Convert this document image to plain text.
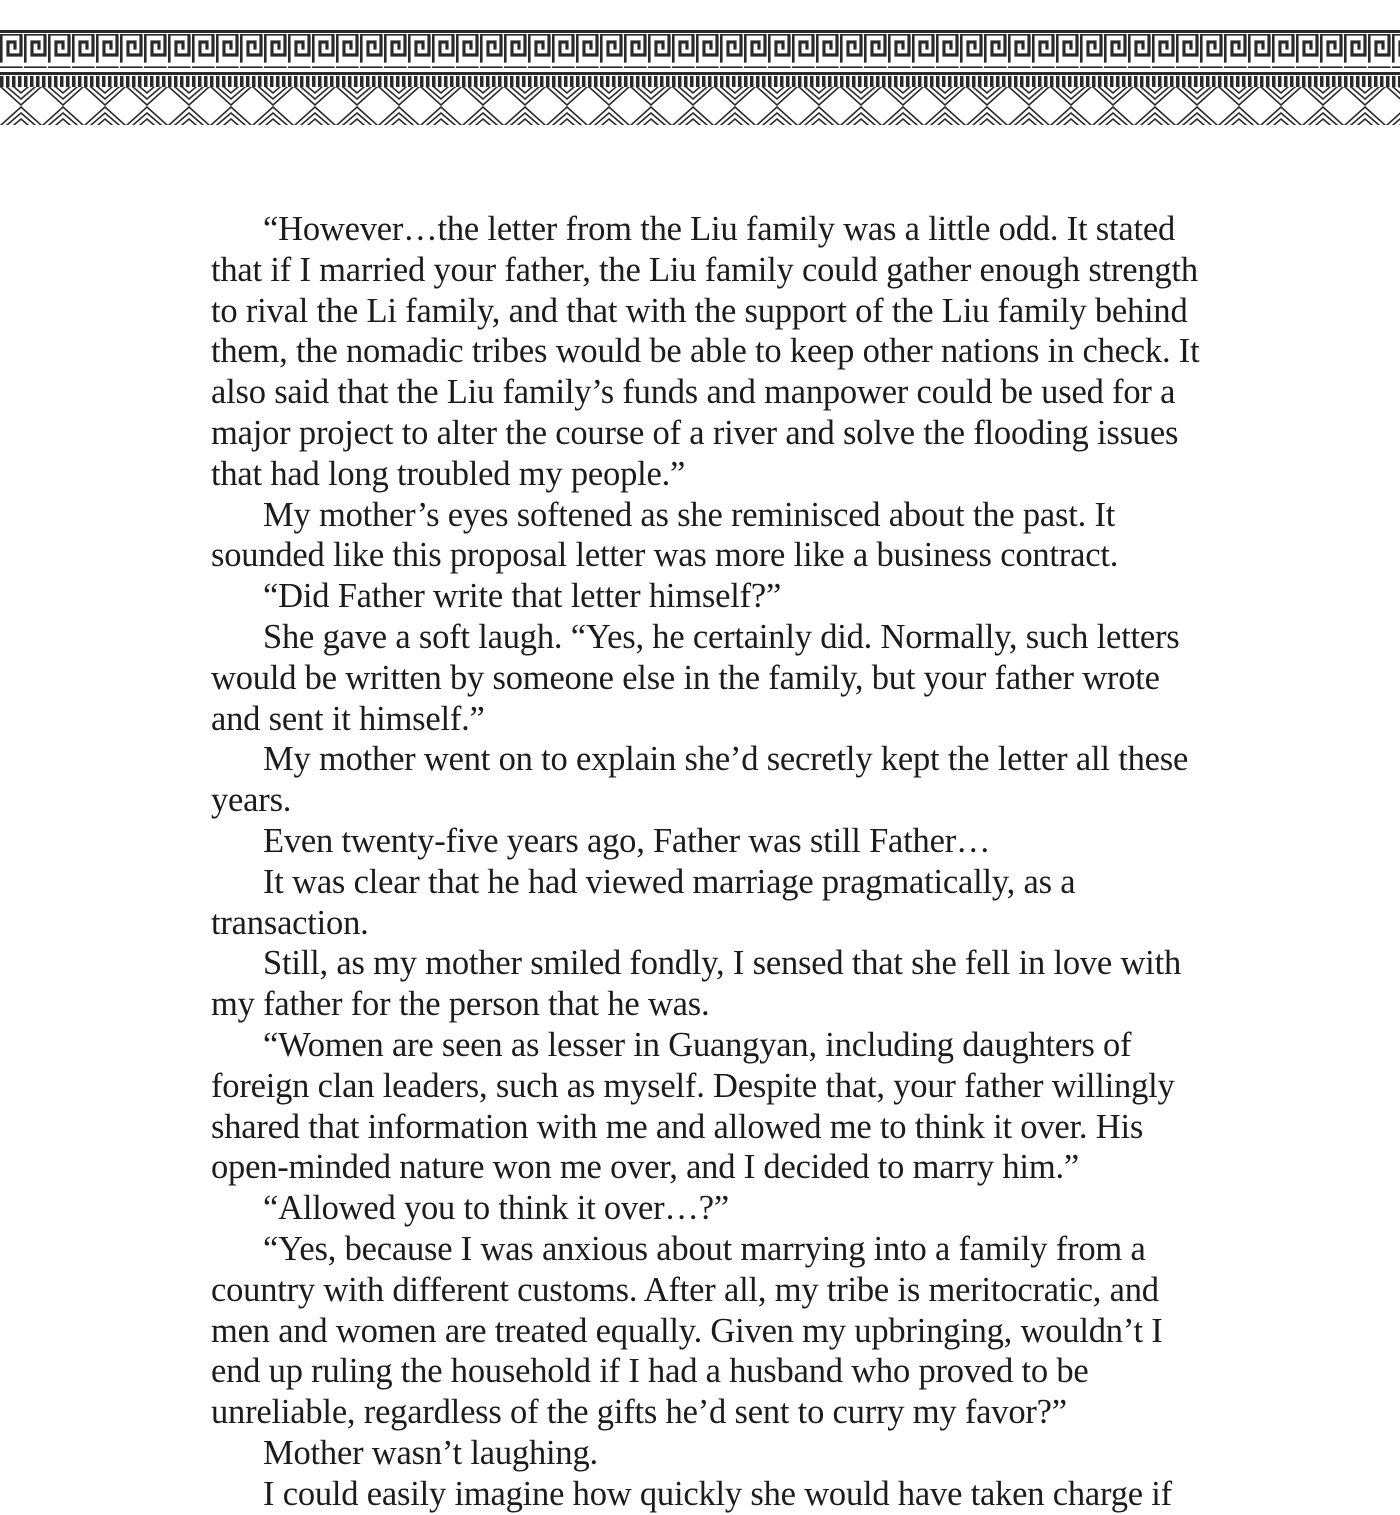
“However…the letter from the Liu family was a little odd. It stated that if I married your father, the Liu family could gather enough strength to rival the Li family, and that with the support of the Liu family behind them, the nomadic tribes would be able to keep other nations in check. It also said that the Liu family’s funds and manpower could be used for a major project to alter the course of a river and solve the flooding issues that had long troubled my people.”

My mother’s eyes softened as she reminisced about the past. It sounded like this proposal letter was more like a business contract.

“Did Father write that letter himself?”

She gave a soft laugh. “Yes, he certainly did. Normally, such letters would be written by someone else in the family, but your father wrote and sent it himself.”

My mother went on to explain she’d secretly kept the letter all these years.

Even twenty-five years ago, Father was still Father…

It was clear that he had viewed marriage pragmatically, as a transaction.

Still, as my mother smiled fondly, I sensed that she fell in love with my father for the person that he was.

“Women are seen as lesser in Guangyan, including daughters of foreign clan leaders, such as myself. Despite that, your father willingly shared that information with me and allowed me to think it over. His open-minded nature won me over, and I decided to marry him.”

“Allowed you to think it over…?”

“Yes, because I was anxious about marrying into a family from a country with different customs. After all, my tribe is meritocratic, and men and women are treated equally. Given my upbringing, wouldn’t I end up ruling the household if I had a husband who proved to be unreliable, regardless of the gifts he’d sent to curry my favor?”

Mother wasn’t laughing.

I could easily imagine how quickly she would have taken charge if
